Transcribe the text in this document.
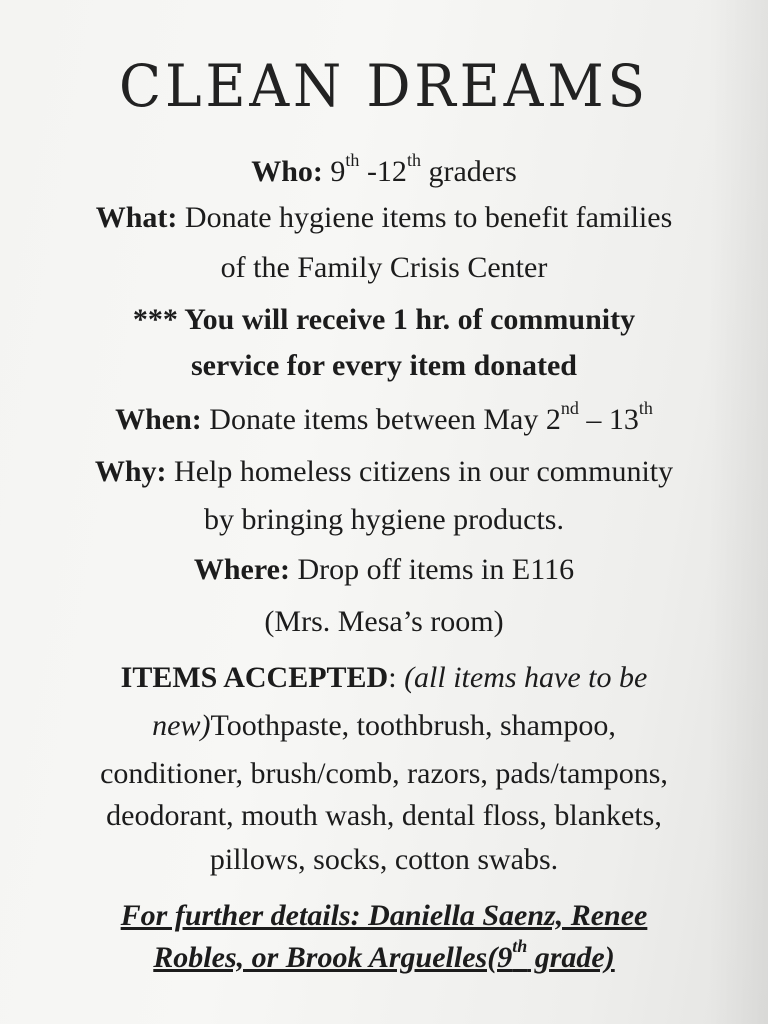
CLEAN DREAMS
Who: 9th -12th graders
What: Donate hygiene items to benefit families
of the Family Crisis Center
*** You will receive 1 hr. of community
service for every item donated
When: Donate items between May 2nd – 13th
Why: Help homeless citizens in our community
by bringing hygiene products.
Where: Drop off items in E116
(Mrs. Mesa’s room)
ITEMS ACCEPTED: (all items have to be
new)Toothpaste, toothbrush, shampoo,
conditioner, brush/comb, razors, pads/tampons,
deodorant, mouth wash, dental floss, blankets,
pillows, socks, cotton swabs.
For further details: Daniella Saenz, Renee
Robles, or Brook Arguelles(9th grade)
